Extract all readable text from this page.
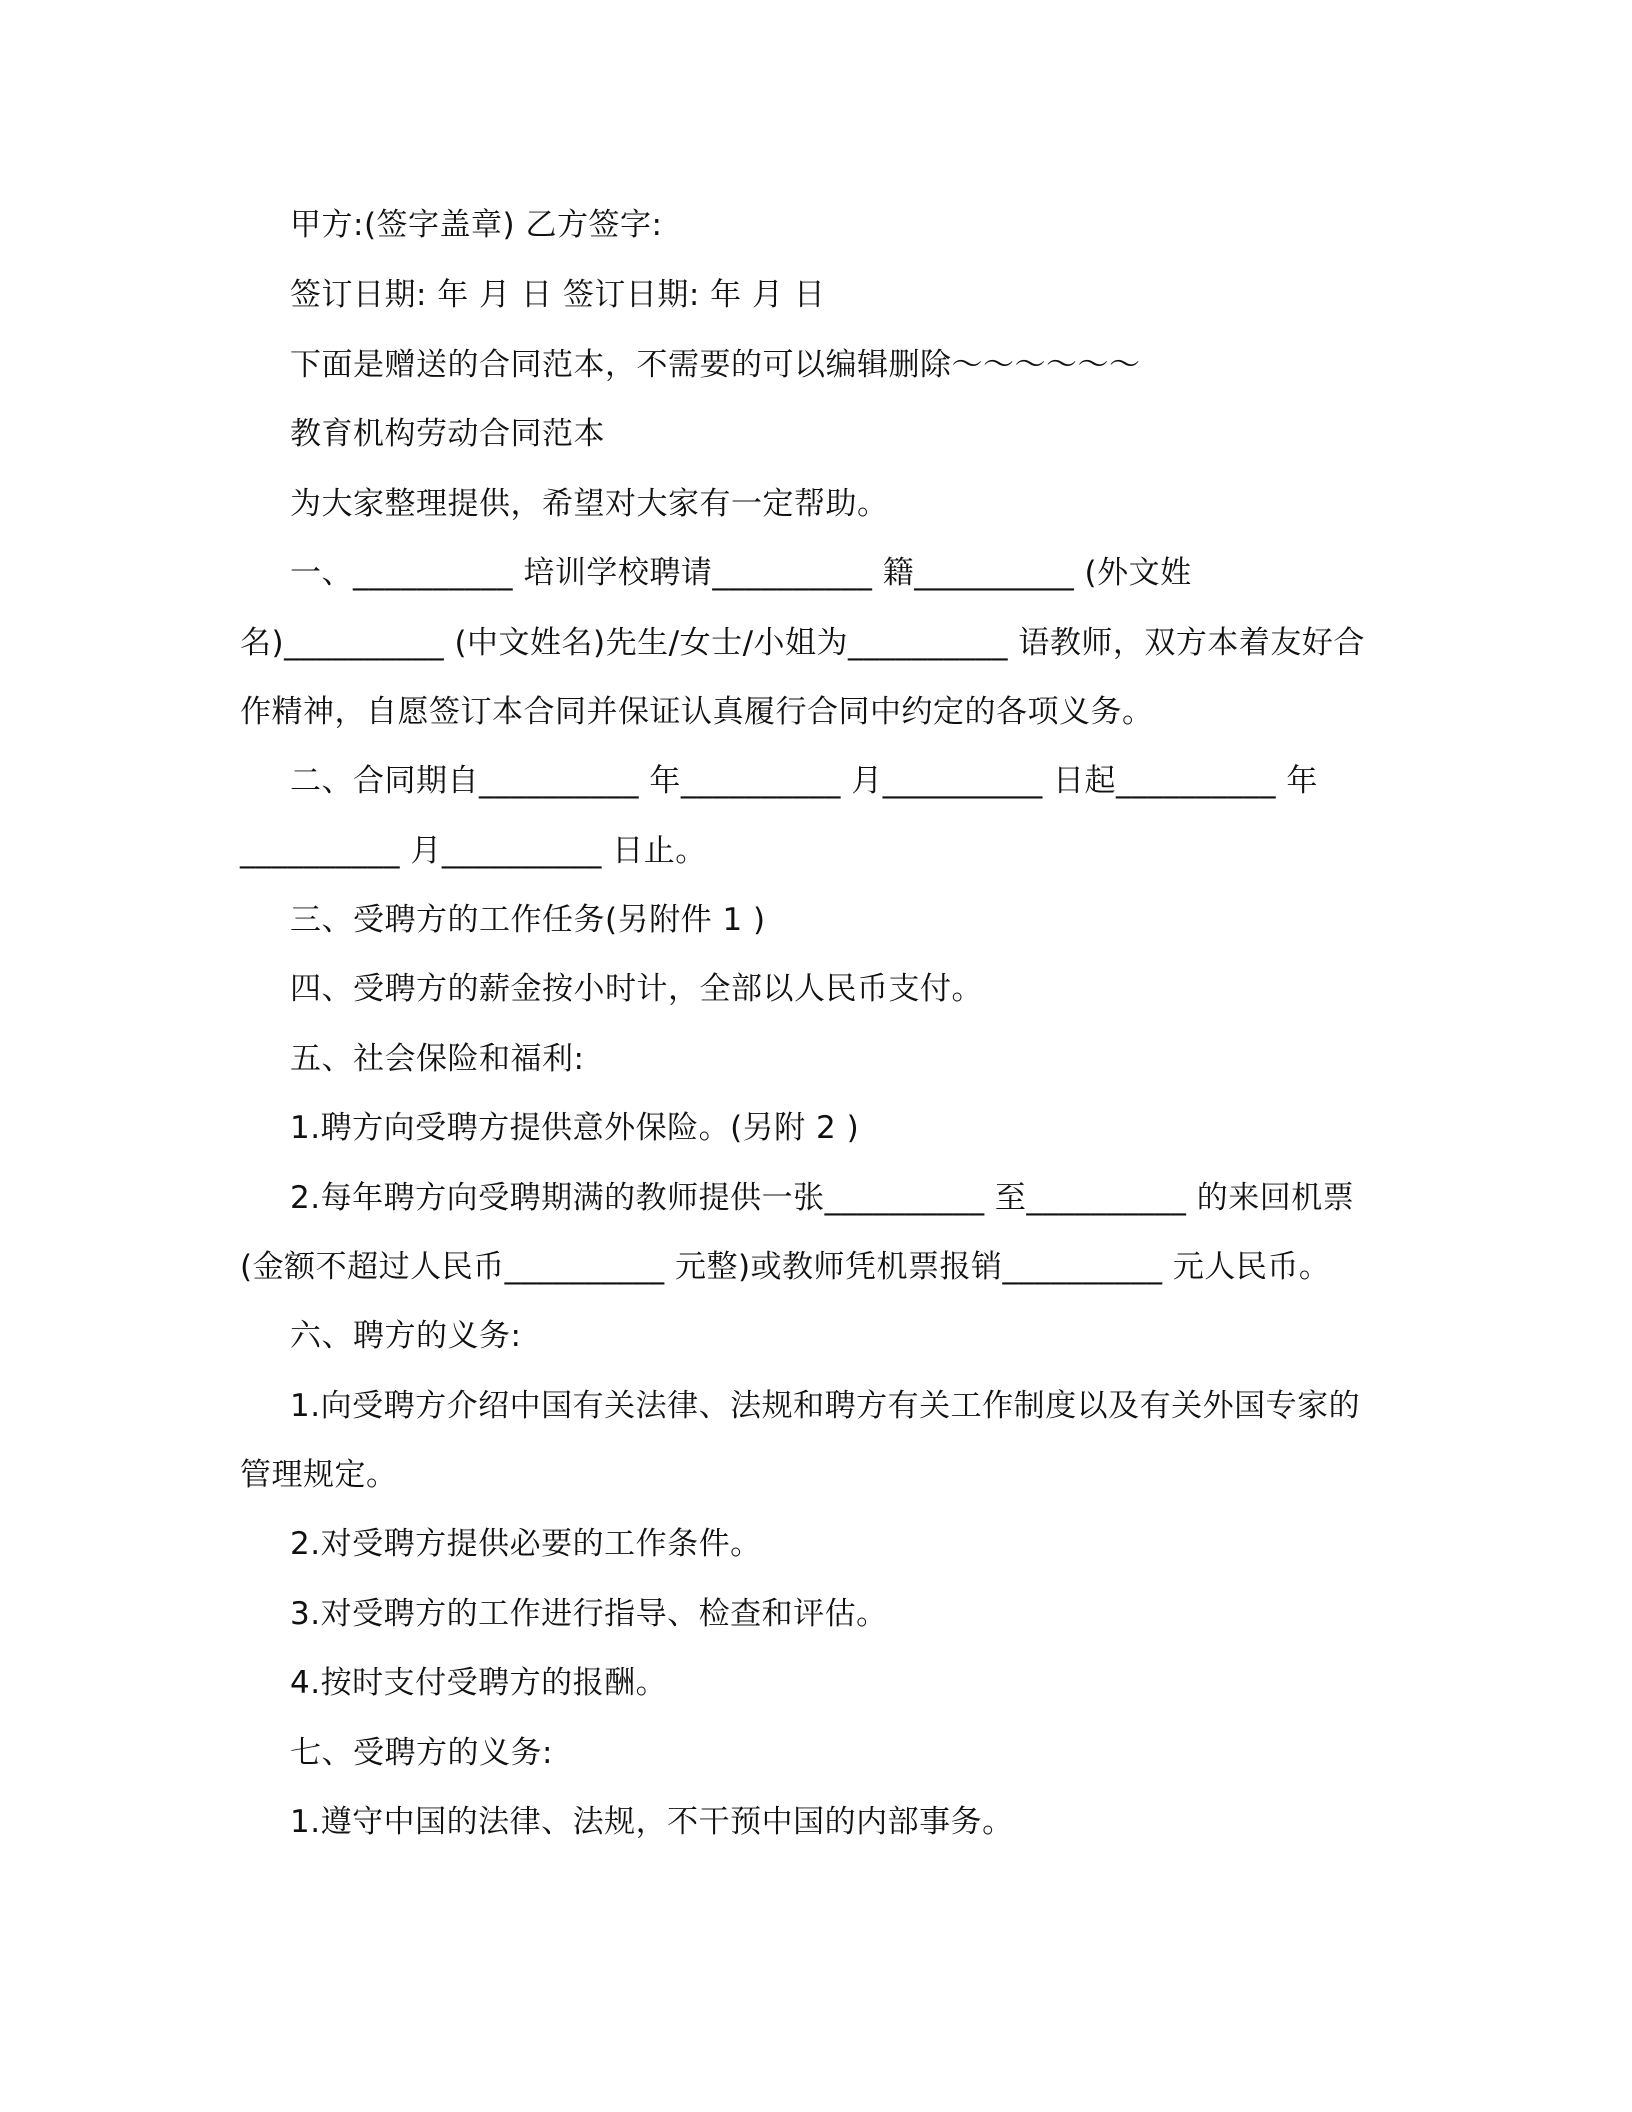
甲方:(签字盖章) 乙方签字:
签订日期: 年 月 日 签订日期: 年 月 日
下面是赠送的合同范本，不需要的可以编辑删除～～～～～～
教育机构劳动合同范本
为大家整理提供，希望对大家有一定帮助。
一、__________ 培训学校聘请__________ 籍__________ (外文姓
名)__________ (中文姓名)先生/女士/小姐为__________ 语教师，双方本着友好合
作精神，自愿签订本合同并保证认真履行合同中约定的各项义务。
二、合同期自__________ 年__________ 月__________ 日起__________ 年
__________ 月__________ 日止。
三、受聘方的工作任务(另附件 1 )
四、受聘方的薪金按小时计，全部以人民币支付。
五、社会保险和福利:
1.聘方向受聘方提供意外保险。(另附 2 )
2.每年聘方向受聘期满的教师提供一张__________ 至__________ 的来回机票
(金额不超过人民币__________ 元整)或教师凭机票报销__________ 元人民币。
六、聘方的义务:
1.向受聘方介绍中国有关法律、法规和聘方有关工作制度以及有关外国专家的
管理规定。
2.对受聘方提供必要的工作条件。
3.对受聘方的工作进行指导、检查和评估。
4.按时支付受聘方的报酬。
七、受聘方的义务:
1.遵守中国的法律、法规，不干预中国的内部事务。
